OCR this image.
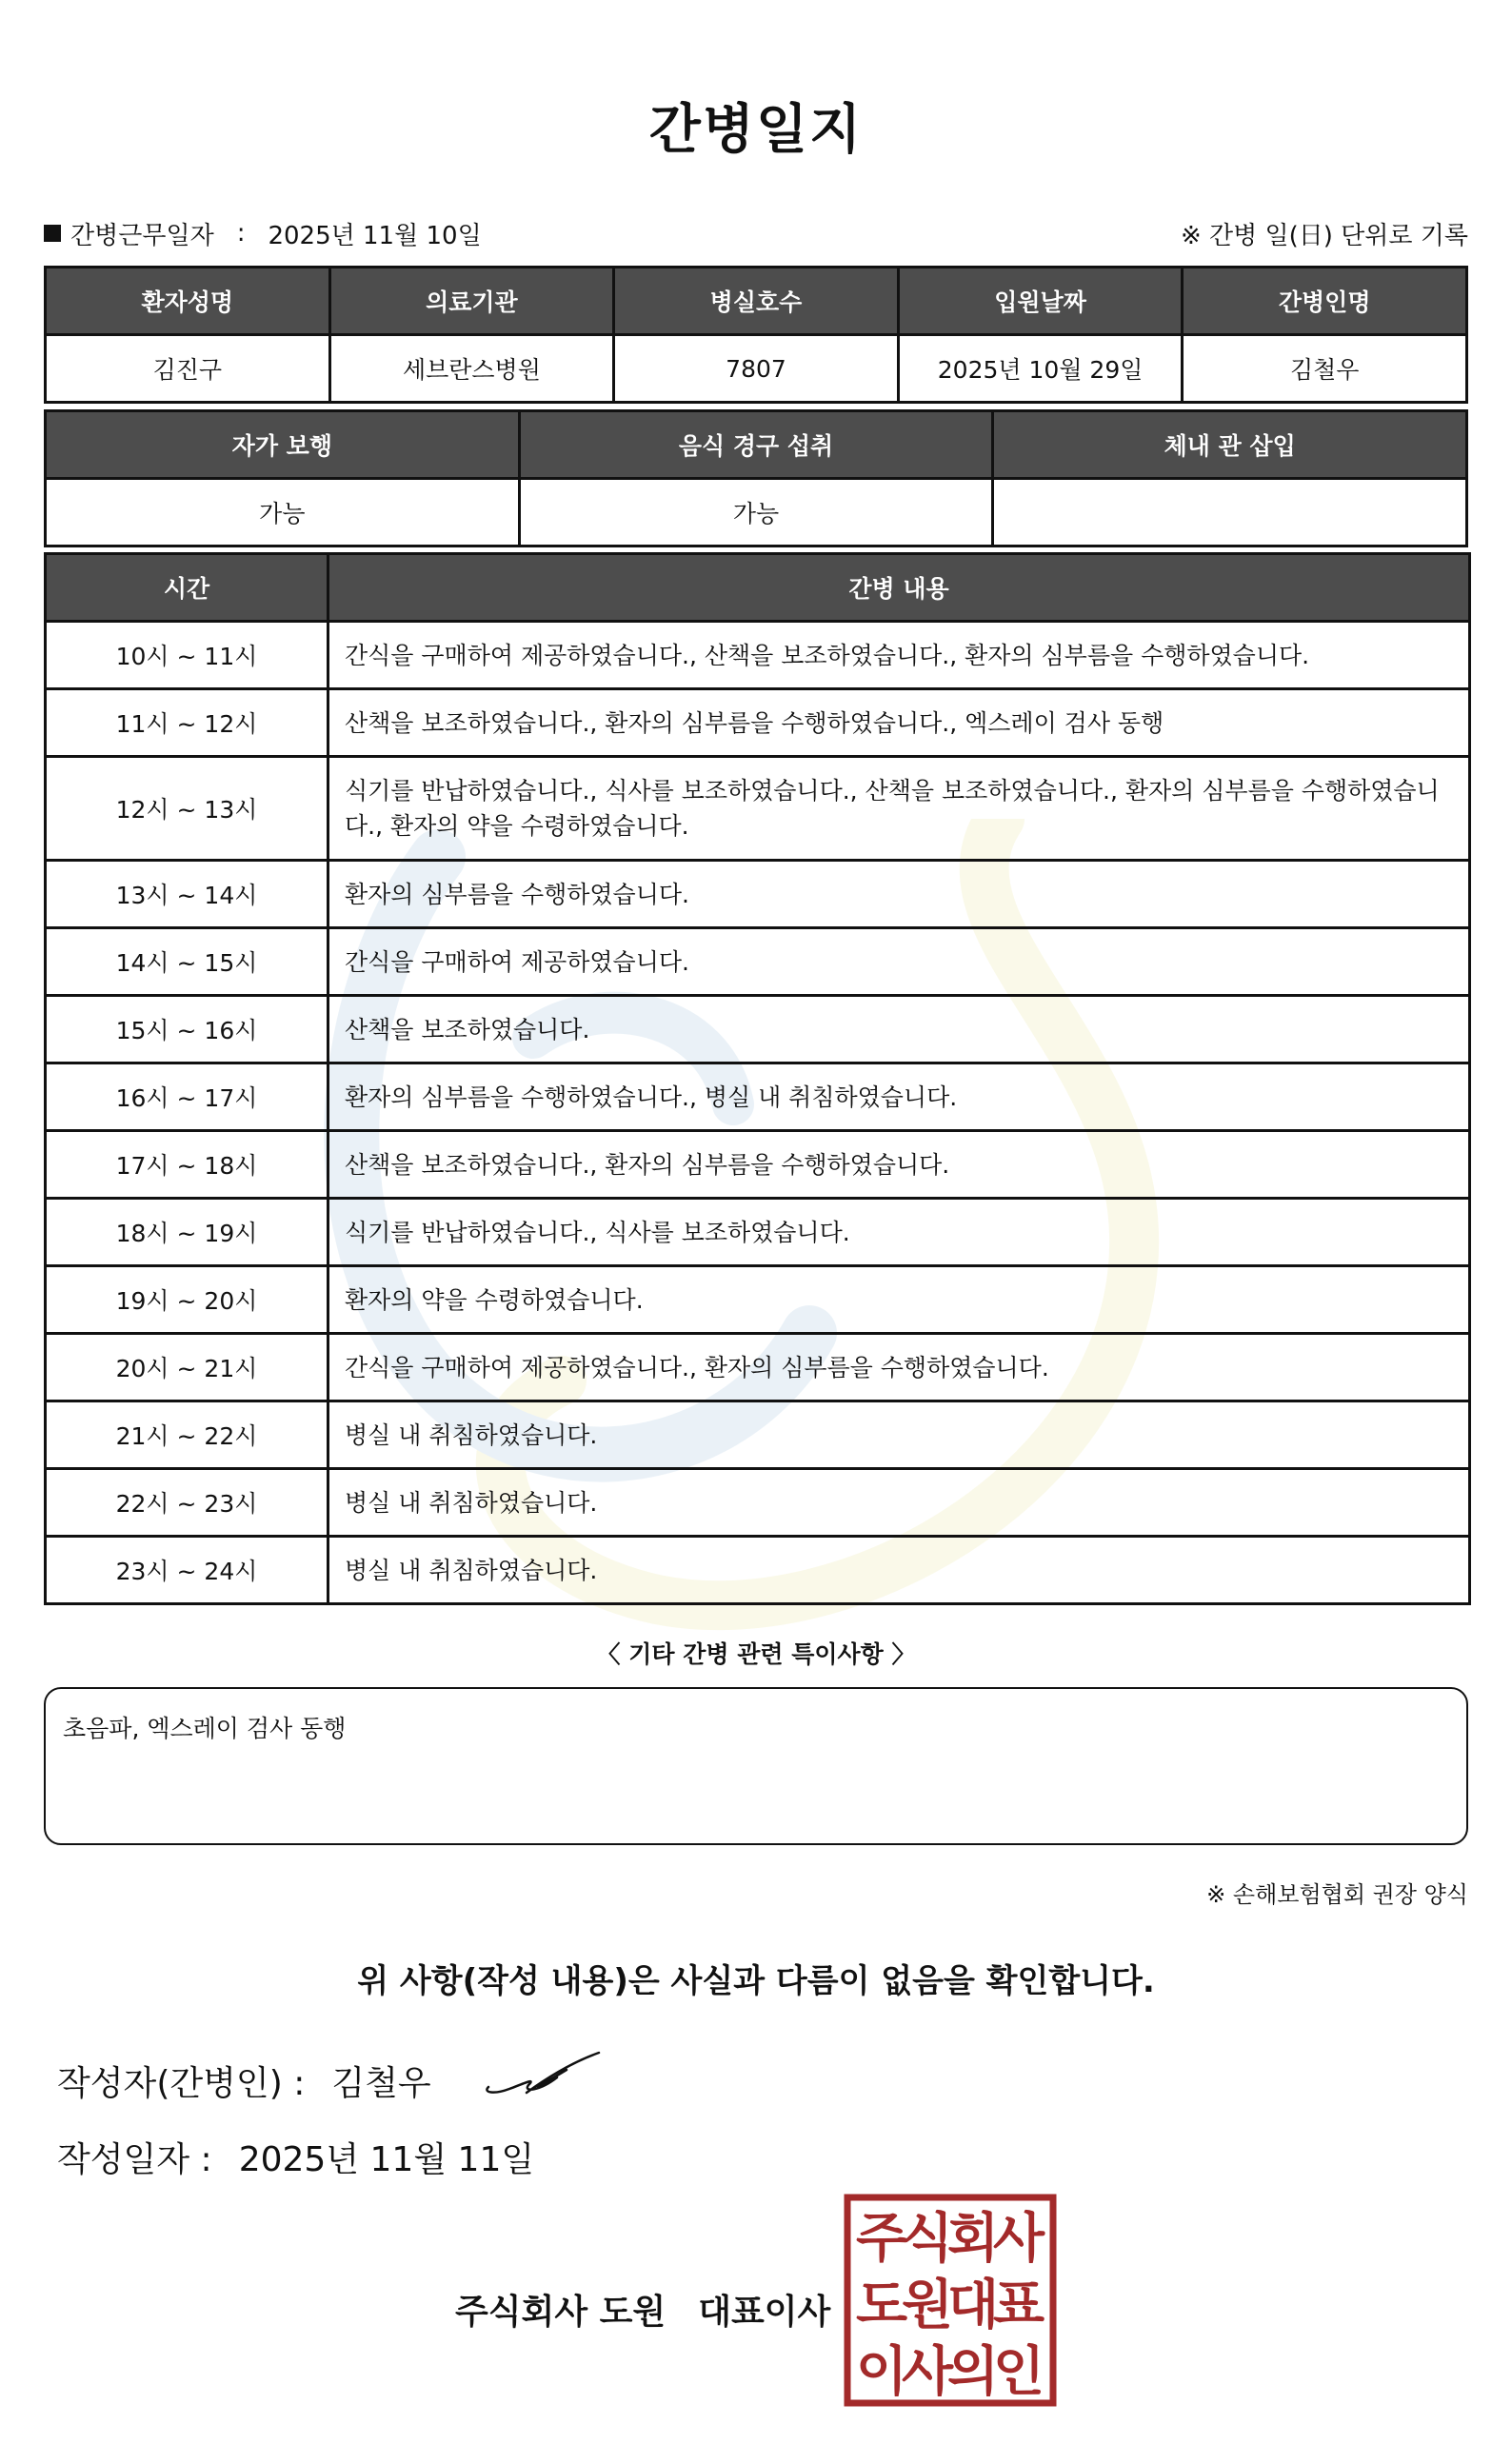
간병일지
간병근무일자 : 2025년 11월 10일	※ 간병 일(日) 단위로 기록
환자성명	의료기관	병실호수	입원날짜	간병인명
김진구	세브란스병원	7807	2025년 10월 29일	김철우
자가 보행	음식 경구 섭취	체내 관 삽입
가능	가능	
시간	간병 내용
10시 ~ 11시	간식을 구매하여 제공하였습니다., 산책을 보조하였습니다., 환자의 심부름을 수행하였습니다.
11시 ~ 12시	산책을 보조하였습니다., 환자의 심부름을 수행하였습니다., 엑스레이 검사 동행
12시 ~ 13시	식기를 반납하였습니다., 식사를 보조하였습니다., 산책을 보조하였습니다., 환자의 심부름을 수행하였습니다., 환자의 약을 수령하였습니다.
13시 ~ 14시	환자의 심부름을 수행하였습니다.
14시 ~ 15시	간식을 구매하여 제공하였습니다.
15시 ~ 16시	산책을 보조하였습니다.
16시 ~ 17시	환자의 심부름을 수행하였습니다., 병실 내 취침하였습니다.
17시 ~ 18시	산책을 보조하였습니다., 환자의 심부름을 수행하였습니다.
18시 ~ 19시	식기를 반납하였습니다., 식사를 보조하였습니다.
19시 ~ 20시	환자의 약을 수령하였습니다.
20시 ~ 21시	간식을 구매하여 제공하였습니다., 환자의 심부름을 수행하였습니다.
21시 ~ 22시	병실 내 취침하였습니다.
22시 ~ 23시	병실 내 취침하였습니다.
23시 ~ 24시	병실 내 취침하였습니다.
〈 기타 간병 관련 특이사항 〉
초음파, 엑스레이 검사 동행
※ 손해보험협회 권장 양식
위 사항(작성 내용)은 사실과 다름이 없음을 확인합니다.
작성자(간병인) : 김철우
작성일자 : 2025년 11월 11일
주식회사 도원 대표이사
주
식
회
사
도
원
대
표
이
사
의
인
